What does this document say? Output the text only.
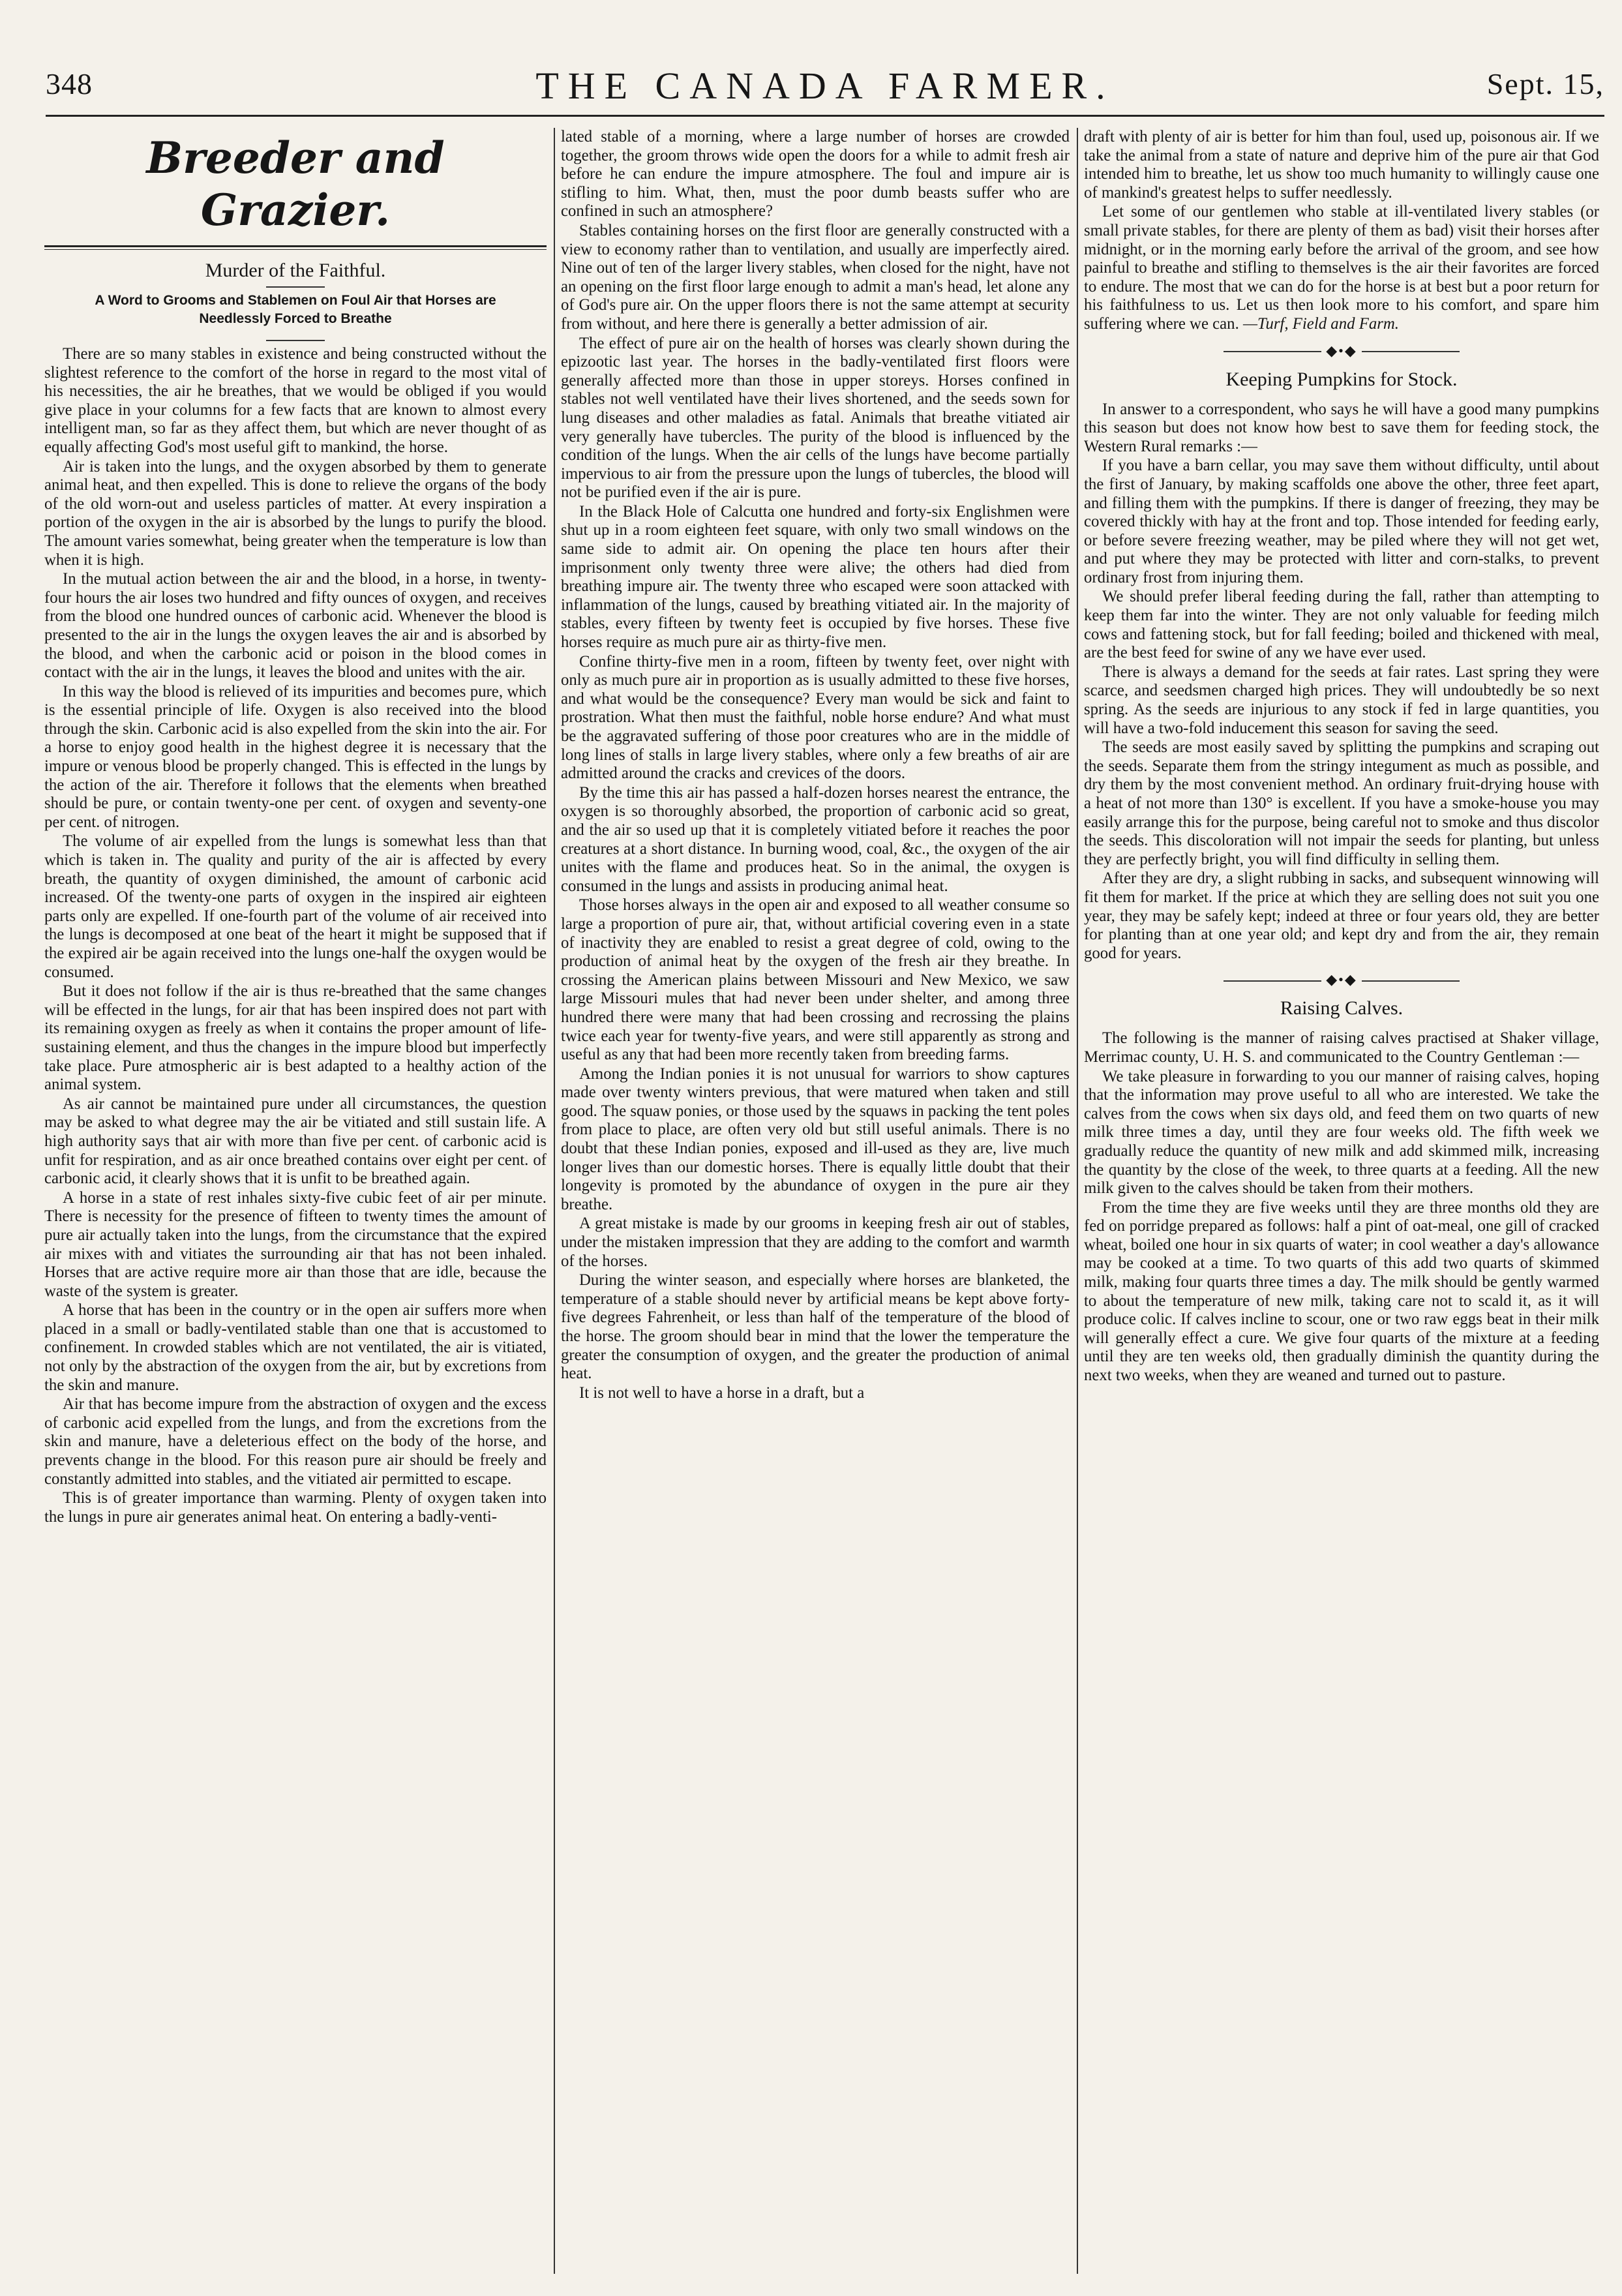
348	THE CANADA FARMER.	Sept. 15,
Breeder and Grazier.
Murder of the Faithful.
A Word to Grooms and Stablemen on Foul Air that Horses are Needlessly Forced to Breathe

There are so many stables in existence and being constructed without the slightest reference to the comfort of the horse in regard to the most vital of his necessities, the air he breathes, that we would be obliged if you would give place in your columns for a few facts that are known to almost every intelligent man, so far as they affect them, but which are never thought of as equally affecting God's most useful gift to mankind, the horse.

Air is taken into the lungs, and the oxygen absorbed by them to generate animal heat, and then expelled. This is done to relieve the organs of the body of the old worn-out and useless particles of matter. At every inspiration a portion of the oxygen in the air is absorbed by the lungs to purify the blood. The amount varies somewhat, being greater when the temperature is low than when it is high.

In the mutual action between the air and the blood, in a horse, in twenty-four hours the air loses two hundred and fifty ounces of oxygen, and receives from the blood one hundred ounces of carbonic acid. Whenever the blood is presented to the air in the lungs the oxygen leaves the air and is absorbed by the blood, and when the carbonic acid or poison in the blood comes in contact with the air in the lungs, it leaves the blood and unites with the air.

In this way the blood is relieved of its impurities and becomes pure, which is the essential principle of life. Oxygen is also received into the blood through the skin. Carbonic acid is also expelled from the skin into the air. For a horse to enjoy good health in the highest degree it is necessary that the impure or venous blood be properly changed. This is effected in the lungs by the action of the air. Therefore it follows that the elements when breathed should be pure, or contain twenty-one per cent. of oxygen and seventy-one per cent. of nitrogen.

The volume of air expelled from the lungs is somewhat less than that which is taken in. The quality and purity of the air is affected by every breath, the quantity of oxygen diminished, the amount of carbonic acid increased. Of the twenty-one parts of oxygen in the inspired air eighteen parts only are expelled. If one-fourth part of the volume of air received into the lungs is decomposed at one beat of the heart it might be supposed that if the expired air be again received into the lungs one-half the oxygen would be consumed.

But it does not follow if the air is thus re-breathed that the same changes will be effected in the lungs, for air that has been inspired does not part with its remaining oxygen as freely as when it contains the proper amount of life-sustaining element, and thus the changes in the impure blood but imperfectly take place. Pure atmospheric air is best adapted to a healthy action of the animal system.

As air cannot be maintained pure under all circumstances, the question may be asked to what degree may the air be vitiated and still sustain life. A high authority says that air with more than five per cent. of carbonic acid is unfit for respiration, and as air once breathed contains over eight per cent. of carbonic acid, it clearly shows that it is unfit to be breathed again.

A horse in a state of rest inhales sixty-five cubic feet of air per minute. There is necessity for the presence of fifteen to twenty times the amount of pure air actually taken into the lungs, from the circumstance that the expired air mixes with and vitiates the surrounding air that has not been inhaled. Horses that are active require more air than those that are idle, because the waste of the system is greater.

A horse that has been in the country or in the open air suffers more when placed in a small or badly-ventilated stable than one that is accustomed to confinement. In crowded stables which are not ventilated, the air is vitiated, not only by the abstraction of the oxygen from the air, but by excretions from the skin and manure.

Air that has become impure from the abstraction of oxygen and the excess of carbonic acid expelled from the lungs, and from the excretions from the skin and manure, have a deleterious effect on the body of the horse, and prevents change in the blood. For this reason pure air should be freely and constantly admitted into stables, and the vitiated air permitted to escape.

This is of greater importance than warming. Plenty of oxygen taken into the lungs in pure air generates animal heat. On entering a badly-venti-

lated stable of a morning, where a large number of horses are crowded together, the groom throws wide open the doors for a while to admit fresh air before he can endure the impure atmosphere. The foul and impure air is stifling to him. What, then, must the poor dumb beasts suffer who are confined in such an atmosphere?

Stables containing horses on the first floor are generally constructed with a view to economy rather than to ventilation, and usually are imperfectly aired. Nine out of ten of the larger livery stables, when closed for the night, have not an opening on the first floor large enough to admit a man's head, let alone any of God's pure air. On the upper floors there is not the same attempt at security from without, and here there is generally a better admission of air.

The effect of pure air on the health of horses was clearly shown during the epizootic last year. The horses in the badly-ventilated first floors were generally affected more than those in upper storeys. Horses confined in stables not well ventilated have their lives shortened, and the seeds sown for lung diseases and other maladies as fatal. Animals that breathe vitiated air very generally have tubercles. The purity of the blood is influenced by the condition of the lungs. When the air cells of the lungs have become partially impervious to air from the pressure upon the lungs of tubercles, the blood will not be purified even if the air is pure.

In the Black Hole of Calcutta one hundred and forty-six Englishmen were shut up in a room eighteen feet square, with only two small windows on the same side to admit air. On opening the place ten hours after their imprisonment only twenty three were alive; the others had died from breathing impure air. The twenty three who escaped were soon attacked with inflammation of the lungs, caused by breathing vitiated air. In the majority of stables, every fifteen by twenty feet is occupied by five horses. These five horses require as much pure air as thirty-five men.

Confine thirty-five men in a room, fifteen by twenty feet, over night with only as much pure air in proportion as is usually admitted to these five horses, and what would be the consequence? Every man would be sick and faint to prostration. What then must the faithful, noble horse endure? And what must be the aggravated suffering of those poor creatures who are in the middle of long lines of stalls in large livery stables, where only a few breaths of air are admitted around the cracks and crevices of the doors.

By the time this air has passed a half-dozen horses nearest the entrance, the oxygen is so thoroughly absorbed, the proportion of carbonic acid so great, and the air so used up that it is completely vitiated before it reaches the poor creatures at a short distance. In burning wood, coal, &c., the oxygen of the air unites with the flame and produces heat. So in the animal, the oxygen is consumed in the lungs and assists in producing animal heat.

Those horses always in the open air and exposed to all weather consume so large a proportion of pure air, that, without artificial covering even in a state of inactivity they are enabled to resist a great degree of cold, owing to the production of animal heat by the oxygen of the fresh air they breathe. In crossing the American plains between Missouri and New Mexico, we saw large Missouri mules that had never been under shelter, and among three hundred there were many that had been crossing and recrossing the plains twice each year for twenty-five years, and were still apparently as strong and useful as any that had been more recently taken from breeding farms.

Among the Indian ponies it is not unusual for warriors to show captures made over twenty winters previous, that were matured when taken and still good. The squaw ponies, or those used by the squaws in packing the tent poles from place to place, are often very old but still useful animals. There is no doubt that these Indian ponies, exposed and ill-used as they are, live much longer lives than our domestic horses. There is equally little doubt that their longevity is promoted by the abundance of oxygen in the pure air they breathe.

A great mistake is made by our grooms in keeping fresh air out of stables, under the mistaken impression that they are adding to the comfort and warmth of the horses.

During the winter season, and especially where horses are blanketed, the temperature of a stable should never by artificial means be kept above forty-five degrees Fahrenheit, or less than half of the temperature of the blood of the horse. The groom should bear in mind that the lower the temperature the greater the consumption of oxygen, and the greater the production of animal heat.

It is not well to have a horse in a draft, but a

draft with plenty of air is better for him than foul, used up, poisonous air. If we take the animal from a state of nature and deprive him of the pure air that God intended him to breathe, let us show too much humanity to willingly cause one of mankind's greatest helps to suffer needlessly.

Let some of our gentlemen who stable at ill-ventilated livery stables (or small private stables, for there are plenty of them as bad) visit their horses after midnight, or in the morning early before the arrival of the groom, and see how painful to breathe and stifling to themselves is the air their favorites are forced to endure. The most that we can do for the horse is at best but a poor return for his faithfulness to us. Let us then look more to his comfort, and spare him suffering where we can. —Turf, Field and Farm.

◆•◆
Keeping Pumpkins for Stock.

In answer to a correspondent, who says he will have a good many pumpkins this season but does not know how best to save them for feeding stock, the Western Rural remarks :—

If you have a barn cellar, you may save them without difficulty, until about the first of January, by making scaffolds one above the other, three feet apart, and filling them with the pumpkins. If there is danger of freezing, they may be covered thickly with hay at the front and top. Those intended for feeding early, or before severe freezing weather, may be piled where they will not get wet, and put where they may be protected with litter and corn-stalks, to prevent ordinary frost from injuring them.

We should prefer liberal feeding during the fall, rather than attempting to keep them far into the winter. They are not only valuable for feeding milch cows and fattening stock, but for fall feeding; boiled and thickened with meal, are the best feed for swine of any we have ever used.

There is always a demand for the seeds at fair rates. Last spring they were scarce, and seedsmen charged high prices. They will undoubtedly be so next spring. As the seeds are injurious to any stock if fed in large quantities, you will have a two-fold inducement this season for saving the seed.

The seeds are most easily saved by splitting the pumpkins and scraping out the seeds. Separate them from the stringy integument as much as possible, and dry them by the most convenient method. An ordinary fruit-drying house with a heat of not more than 130° is excellent. If you have a smoke-house you may easily arrange this for the purpose, being careful not to smoke and thus discolor the seeds. This discoloration will not impair the seeds for planting, but unless they are perfectly bright, you will find difficulty in selling them.

After they are dry, a slight rubbing in sacks, and subsequent winnowing will fit them for market. If the price at which they are selling does not suit you one year, they may be safely kept; indeed at three or four years old, they are better for planting than at one year old; and kept dry and from the air, they remain good for years.

◆•◆
Raising Calves.

The following is the manner of raising calves practised at Shaker village, Merrimac county, U. H. S. and communicated to the Country Gentleman :—

We take pleasure in forwarding to you our manner of raising calves, hoping that the information may prove useful to all who are interested. We take the calves from the cows when six days old, and feed them on two quarts of new milk three times a day, until they are four weeks old. The fifth week we gradually reduce the quantity of new milk and add skimmed milk, increasing the quantity by the close of the week, to three quarts at a feeding. All the new milk given to the calves should be taken from their mothers.

From the time they are five weeks until they are three months old they are fed on porridge prepared as follows: half a pint of oat-meal, one gill of cracked wheat, boiled one hour in six quarts of water; in cool weather a day's allowance may be cooked at a time. To two quarts of this add two quarts of skimmed milk, making four quarts three times a day. The milk should be gently warmed to about the temperature of new milk, taking care not to scald it, as it will produce colic. If calves incline to scour, one or two raw eggs beat in their milk will generally effect a cure. We give four quarts of the mixture at a feeding until they are ten weeks old, then gradually diminish the quantity during the next two weeks, when they are weaned and turned out to pasture.
